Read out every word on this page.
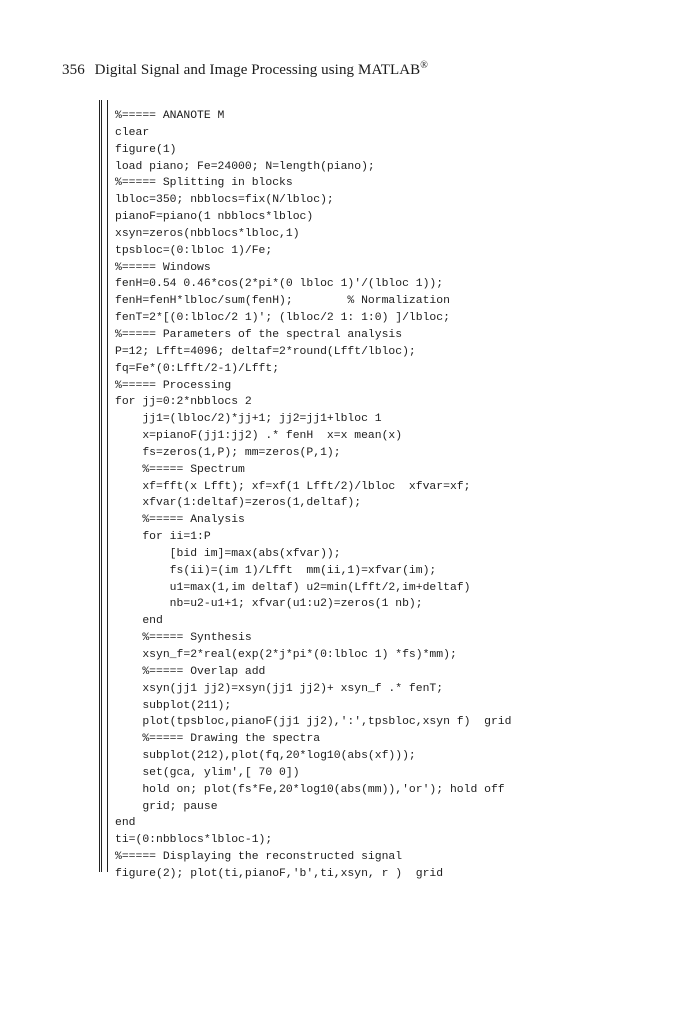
356 Digital Signal and Image Processing using MATLAB®
%===== ANANOTE M
clear
figure(1)
load piano; Fe=24000; N=length(piano);
%===== Splitting in blocks
lbloc=350; nbblocs=fix(N/lbloc);
pianoF=piano(1 nbblocs*lbloc)
xsyn=zeros(nbblocs*lbloc,1)
tpsbloc=(0:lbloc 1)/Fe;
%===== Windows
fenH=0.54 0.46*cos(2*pi*(0 lbloc 1)'/(lbloc 1));
fenH=fenH*lbloc/sum(fenH);        % Normalization
fenT=2*[(0:lbloc/2 1)'; (lbloc/2 1: 1:0) ]/lbloc;
%===== Parameters of the spectral analysis
P=12; Lfft=4096; deltaf=2*round(Lfft/lbloc);
fq=Fe*(0:Lfft/2-1)/Lfft;
%===== Processing
for jj=0:2*nbblocs 2
jj1=(lbloc/2)*jj+1; jj2=jj1+lbloc 1
x=pianoF(jj1:jj2) .* fenH  x=x mean(x)
fs=zeros(1,P); mm=zeros(P,1);
%===== Spectrum
xf=fft(x Lfft); xf=xf(1 Lfft/2)/lbloc  xfvar=xf;
xfvar(1:deltaf)=zeros(1,deltaf);
%===== Analysis
for ii=1:P
[bid im]=max(abs(xfvar));
fs(ii)=(im 1)/Lfft  mm(ii,1)=xfvar(im);
u1=max(1,im deltaf) u2=min(Lfft/2,im+deltaf)
nb=u2-u1+1; xfvar(u1:u2)=zeros(1 nb);
end
%===== Synthesis
xsyn_f=2*real(exp(2*j*pi*(0:lbloc 1) *fs)*mm);
%===== Overlap add
xsyn(jj1 jj2)=xsyn(jj1 jj2)+ xsyn_f .* fenT;
subplot(211);
plot(tpsbloc,pianoF(jj1 jj2),':',tpsbloc,xsyn f)  grid
%===== Drawing the spectra
subplot(212),plot(fq,20*log10(abs(xf)));
set(gca, ylim',[ 70 0])
hold on; plot(fs*Fe,20*log10(abs(mm)),'or'); hold off
grid; pause
end
ti=(0:nbblocs*lbloc-1);
%===== Displaying the reconstructed signal
figure(2); plot(ti,pianoF,'b',ti,xsyn, r )  grid
